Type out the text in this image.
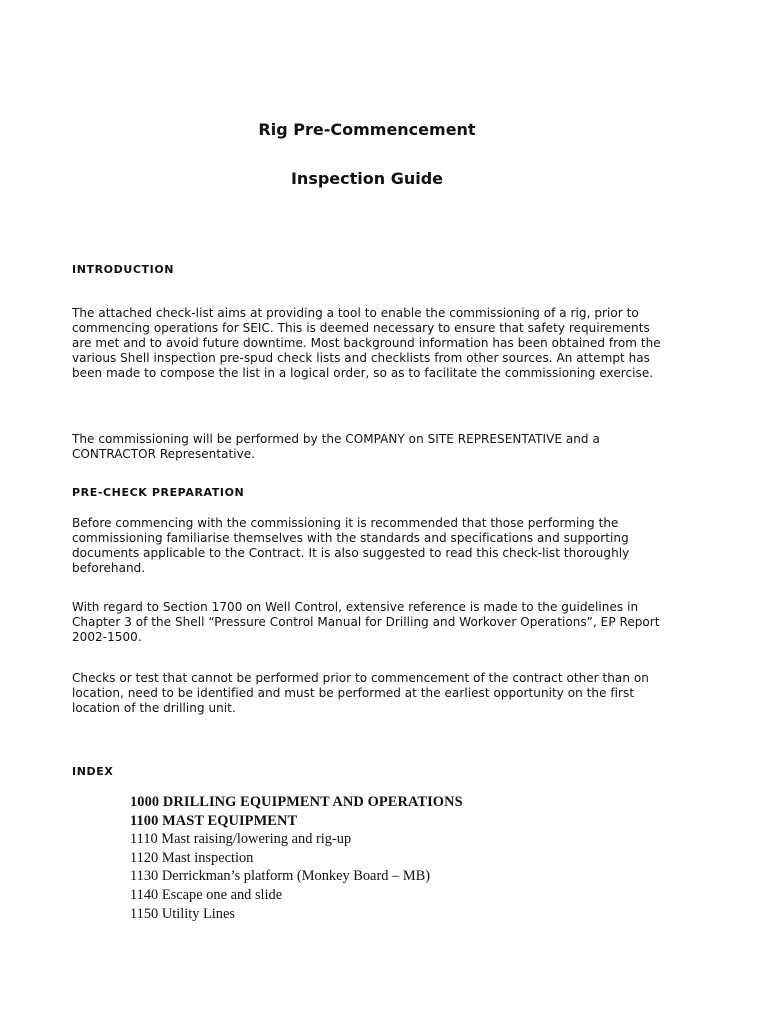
Rig Pre-Commencement
Inspection Guide
INTRODUCTION

The attached check-list aims at providing a tool to enable the commissioning of a rig, prior to commencing operations for SEIC. This is deemed necessary to ensure that safety requirements are met and to avoid future downtime. Most background information has been obtained from the various Shell inspection pre-spud check lists and checklists from other sources. An attempt has been made to compose the list in a logical order, so as to facilitate the commissioning exercise.

The commissioning will be performed by the COMPANY on SITE REPRESENTATIVE and a CONTRACTOR Representative.

PRE-CHECK PREPARATION

Before commencing with the commissioning it is recommended that those performing the commissioning familiarise themselves with the standards and specifications and supporting documents applicable to the Contract. It is also suggested to read this check-list thoroughly beforehand.

With regard to Section 1700 on Well Control, extensive reference is made to the guidelines in Chapter 3 of the Shell “Pressure Control Manual for Drilling and Workover Operations”, EP Report 2002-1500.

Checks or test that cannot be performed prior to commencement of the contract other than on location, need to be identified and must be performed at the earliest opportunity on the first location of the drilling unit.

INDEX
1000 DRILLING EQUIPMENT AND OPERATIONS
1100 MAST EQUIPMENT
1110 Mast raising/lowering and rig-up
1120 Mast inspection
1130 Derrickman’s platform (Monkey Board – MB)
1140 Escape one and slide
1150 Utility Lines
